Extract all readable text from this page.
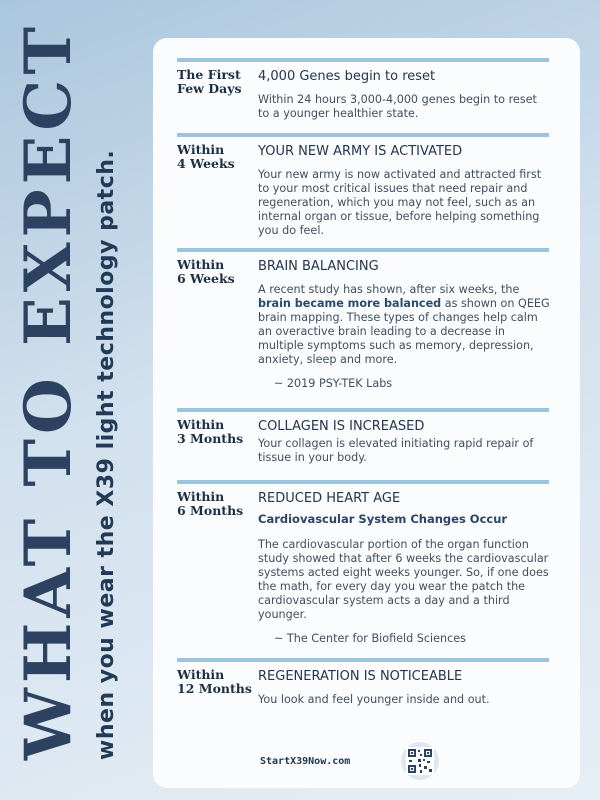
WHAT TO EXPECT when you wear the X39 light technology patch.
The First
Few Days
4,000 Genes begin to reset
Within 24 hours 3,000-4,000 genes begin to reset to a younger healthier state.
Within
4 Weeks
YOUR NEW ARMY IS ACTIVATED
Your new army is now activated and attracted first to your most critical issues that need repair and regeneration, which you may not feel, such as an internal organ or tissue, before helping something you do feel.
Within
6 Weeks
BRAIN BALANCING
A recent study has shown, after six weeks, the brain became more balanced as shown on QEEG brain mapping. These types of changes help calm an overactive brain leading to a decrease in multiple symptoms such as memory, depression, anxiety, sleep and more.
~ 2019 PSY-TEK Labs
Within
3 Months
COLLAGEN IS INCREASED
Your collagen is elevated initiating rapid repair of tissue in your body.
Within
6 Months
REDUCED HEART AGE
Cardiovascular System Changes Occur
The cardiovascular portion of the organ function study showed that after 6 weeks the cardiovascular systems acted eight weeks younger. So, if one does the math, for every day you wear the patch the cardiovascular system acts a day and a third younger.
~ The Center for Biofield Sciences
Within
12 Months
REGENERATION IS NOTICEABLE
You look and feel younger inside and out.
StartX39Now.com
